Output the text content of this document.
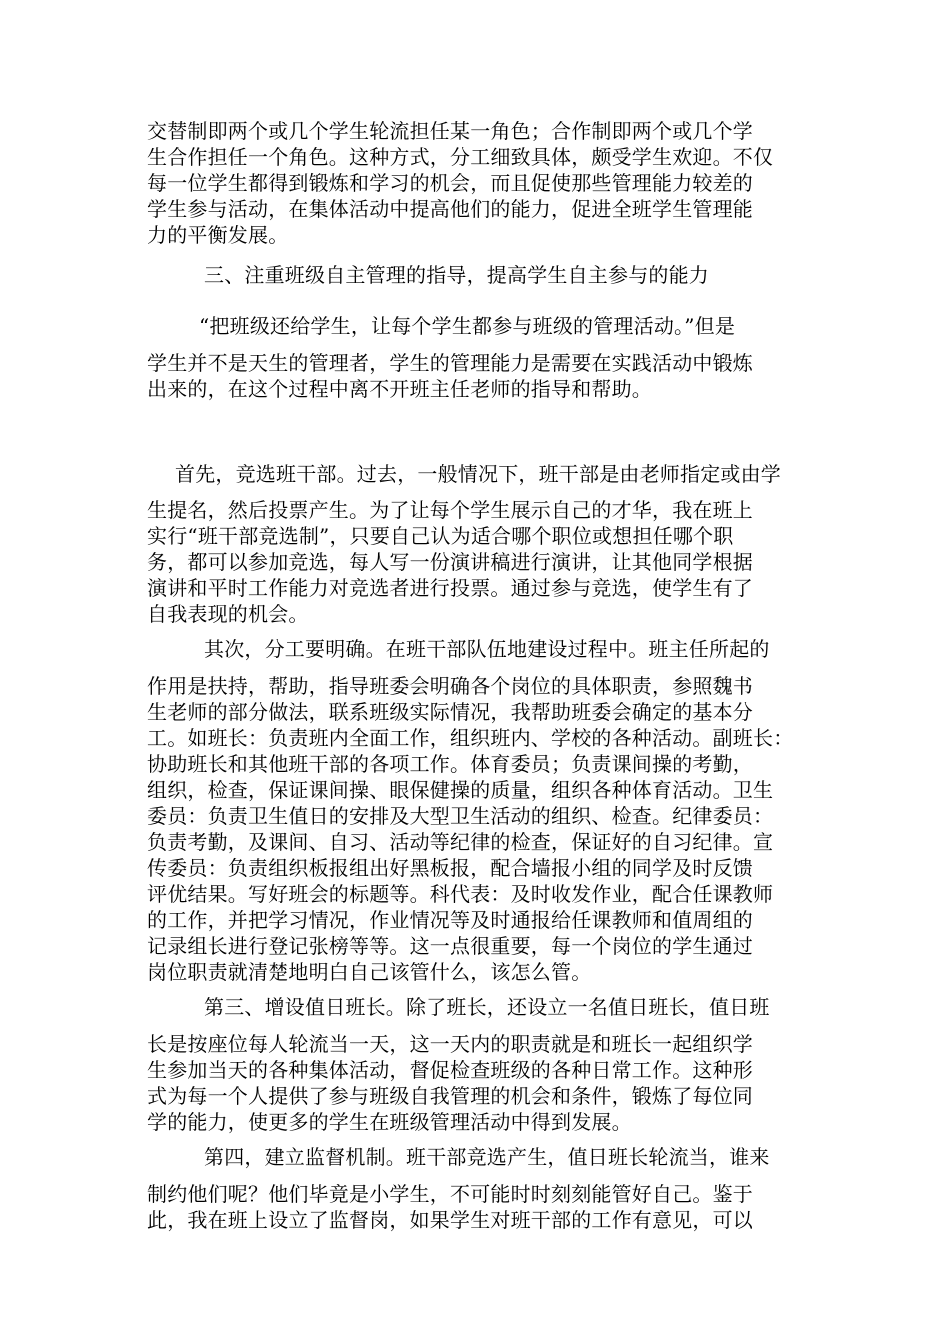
交替制即两个或几个学生轮流担任某一角色；合作制即两个或几个学
生合作担任一个角色。这种方式，分工细致具体，颇受学生欢迎。不仅
每一位学生都得到锻炼和学习的机会，而且促使那些管理能力较差的
学生参与活动，在集体活动中提高他们的能力，促进全班学生管理能
力的平衡发展。
三、注重班级自主管理的指导，提高学生自主参与的能力
“把班级还给学生，让每个学生都参与班级的管理活动。”但是
学生并不是天生的管理者，学生的管理能力是需要在实践活动中锻炼
出来的，在这个过程中离不开班主任老师的指导和帮助。
首先，竞选班干部。过去，一般情况下，班干部是由老师指定或由学
生提名，然后投票产生。为了让每个学生展示自己的才华，我在班上
实行“班干部竞选制”，只要自己认为适合哪个职位或想担任哪个职
务，都可以参加竞选，每人写一份演讲稿进行演讲，让其他同学根据
演讲和平时工作能力对竞选者进行投票。通过参与竞选，使学生有了
自我表现的机会。
其次，分工要明确。在班干部队伍地建设过程中。班主任所起的
作用是扶持，帮助，指导班委会明确各个岗位的具体职责，参照魏书
生老师的部分做法，联系班级实际情况，我帮助班委会确定的基本分
工。如班长：负责班内全面工作，组织班内、学校的各种活动。副班长：
协助班长和其他班干部的各项工作。体育委员；负责课间操的考勤，
组织，检查，保证课间操、眼保健操的质量，组织各种体育活动。卫生
委员：负责卫生值日的安排及大型卫生活动的组织、检查。纪律委员：
负责考勤，及课间、自习、活动等纪律的检查，保证好的自习纪律。宣
传委员：负责组织板报组出好黑板报，配合墙报小组的同学及时反馈
评优结果。写好班会的标题等。科代表：及时收发作业，配合任课教师
的工作，并把学习情况，作业情况等及时通报给任课教师和值周组的
记录组长进行登记张榜等等。这一点很重要，每一个岗位的学生通过
岗位职责就清楚地明白自己该管什么，该怎么管。
第三、增设值日班长。除了班长，还设立一名值日班长，值日班
长是按座位每人轮流当一天，这一天内的职责就是和班长一起组织学
生参加当天的各种集体活动，督促检查班级的各种日常工作。这种形
式为每一个人提供了参与班级自我管理的机会和条件，锻炼了每位同
学的能力，使更多的学生在班级管理活动中得到发展。
第四，建立监督机制。班干部竞选产生，值日班长轮流当，谁来
制约他们呢？他们毕竟是小学生，不可能时时刻刻能管好自己。鉴于
此，我在班上设立了监督岗，如果学生对班干部的工作有意见，可以
